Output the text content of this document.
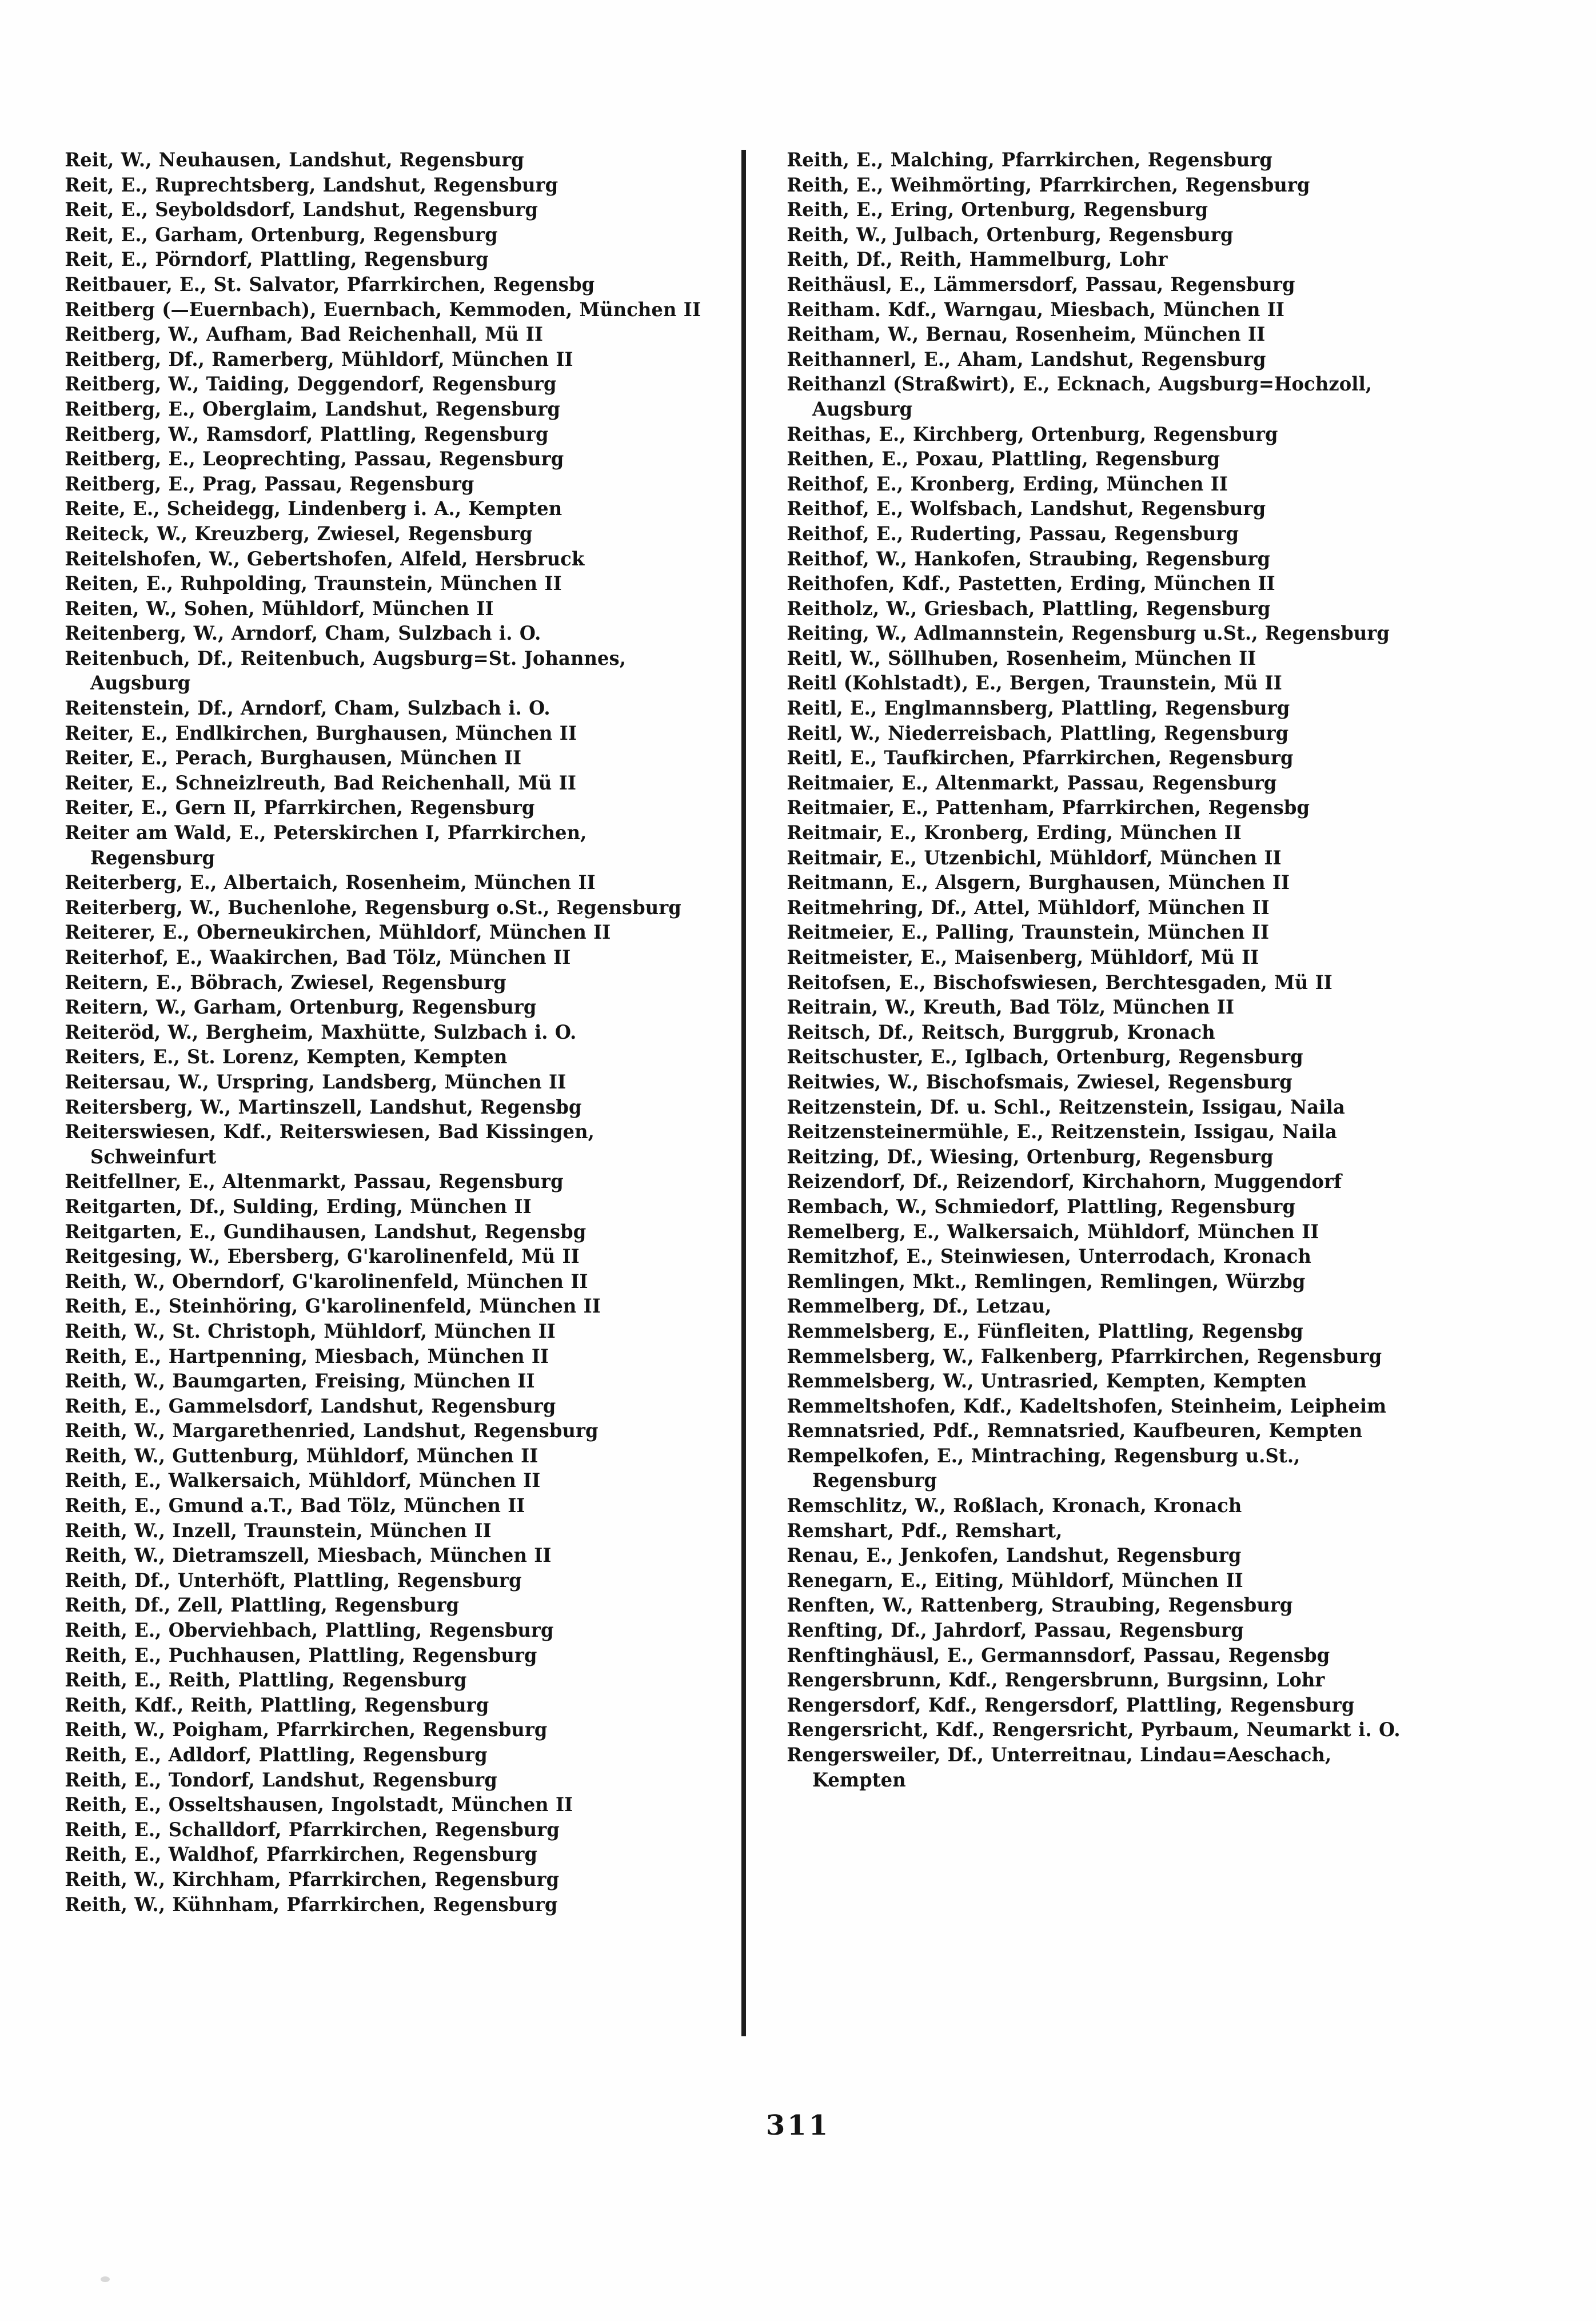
Reit, W., Neuhausen, Landshut, Regensburg
Reit, E., Ruprechtsberg, Landshut, Regensburg
Reit, E., Seyboldsdorf, Landshut, Regensburg
Reit, E., Garham, Ortenburg, Regensburg
Reit, E., Pörndorf, Plattling, Regensburg
Reitbauer, E., St. Salvator, Pfarrkirchen, Regensbg
Reitberg (—Euernbach), Euernbach, Kemmoden, München II
Reitberg, W., Aufham, Bad Reichenhall, Mü II
Reitberg, Df., Ramerberg, Mühldorf, München II
Reitberg, W., Taiding, Deggendorf, Regensburg
Reitberg, E., Oberglaim, Landshut, Regensburg
Reitberg, W., Ramsdorf, Plattling, Regensburg
Reitberg, E., Leoprechting, Passau, Regensburg
Reitberg, E., Prag, Passau, Regensburg
Reite, E., Scheidegg, Lindenberg i. A., Kempten
Reiteck, W., Kreuzberg, Zwiesel, Regensburg
Reitelshofen, W., Gebertshofen, Alfeld, Hersbruck
Reiten, E., Ruhpolding, Traunstein, München II
Reiten, W., Sohen, Mühldorf, München II
Reitenberg, W., Arndorf, Cham, Sulzbach i. O.
Reitenbuch, Df., Reitenbuch, Augsburg=St. Johannes, Augsburg
Reitenstein, Df., Arndorf, Cham, Sulzbach i. O.
Reiter, E., Endlkirchen, Burghausen, München II
Reiter, E., Perach, Burghausen, München II
Reiter, E., Schneizlreuth, Bad Reichenhall, Mü II
Reiter, E., Gern II, Pfarrkirchen, Regensburg
Reiter am Wald, E., Peterskirchen I, Pfarrkirchen, Regensburg
Reiterberg, E., Albertaich, Rosenheim, München II
Reiterberg, W., Buchenlohe, Regensburg o.St., Regensburg
Reiterer, E., Oberneukirchen, Mühldorf, München II
Reiterhof, E., Waakirchen, Bad Tölz, München II
Reitern, E., Böbrach, Zwiesel, Regensburg
Reitern, W., Garham, Ortenburg, Regensburg
Reiteröd, W., Bergheim, Maxhütte, Sulzbach i. O.
Reiters, E., St. Lorenz, Kempten, Kempten
Reitersau, W., Urspring, Landsberg, München II
Reitersberg, W., Martinszell, Landshut, Regensbg
Reiterswiesen, Kdf., Reiterswiesen, Bad Kissingen, Schweinfurt
Reitfellner, E., Altenmarkt, Passau, Regensburg
Reitgarten, Df., Sulding, Erding, München II
Reitgarten, E., Gundihausen, Landshut, Regensbg
Reitgesing, W., Ebersberg, G'karolinenfeld, Mü II
Reith, W., Oberndorf, G'karolinenfeld, München II
Reith, E., Steinhöring, G'karolinenfeld, München II
Reith, W., St. Christoph, Mühldorf, München II
Reith, E., Hartpenning, Miesbach, München II
Reith, W., Baumgarten, Freising, München II
Reith, E., Gammelsdorf, Landshut, Regensburg
Reith, W., Margarethenried, Landshut, Regensburg
Reith, W., Guttenburg, Mühldorf, München II
Reith, E., Walkersaich, Mühldorf, München II
Reith, E., Gmund a.T., Bad Tölz, München II
Reith, W., Inzell, Traunstein, München II
Reith, W., Dietramszell, Miesbach, München II
Reith, Df., Unterhöft, Plattling, Regensburg
Reith, Df., Zell, Plattling, Regensburg
Reith, E., Oberviehbach, Plattling, Regensburg
Reith, E., Puchhausen, Plattling, Regensburg
Reith, E., Reith, Plattling, Regensburg
Reith, Kdf., Reith, Plattling, Regensburg
Reith, W., Poigham, Pfarrkirchen, Regensburg
Reith, E., Adldorf, Plattling, Regensburg
Reith, E., Tondorf, Landshut, Regensburg
Reith, E., Osseltshausen, Ingolstadt, München II
Reith, E., Schalldorf, Pfarrkirchen, Regensburg
Reith, E., Waldhof, Pfarrkirchen, Regensburg
Reith, W., Kirchham, Pfarrkirchen, Regensburg
Reith, W., Kühnham, Pfarrkirchen, Regensburg
Reith, E., Malching, Pfarrkirchen, Regensburg
Reith, E., Weihmörting, Pfarrkirchen, Regensburg
Reith, E., Ering, Ortenburg, Regensburg
Reith, W., Julbach, Ortenburg, Regensburg
Reith, Df., Reith, Hammelburg, Lohr
Reithäusl, E., Lämmersdorf, Passau, Regensburg
Reitham. Kdf., Warngau, Miesbach, München II
Reitham, W., Bernau, Rosenheim, München II
Reithannerl, E., Aham, Landshut, Regensburg
Reithanzl (Straßwirt), E., Ecknach, Augsburg=Hochzoll, Augsburg
Reithas, E., Kirchberg, Ortenburg, Regensburg
Reithen, E., Poxau, Plattling, Regensburg
Reithof, E., Kronberg, Erding, München II
Reithof, E., Wolfsbach, Landshut, Regensburg
Reithof, E., Ruderting, Passau, Regensburg
Reithof, W., Hankofen, Straubing, Regensburg
Reithofen, Kdf., Pastetten, Erding, München II
Reitholz, W., Griesbach, Plattling, Regensburg
Reiting, W., Adlmannstein, Regensburg u.St., Regensburg
Reitl, W., Söllhuben, Rosenheim, München II
Reitl (Kohlstadt), E., Bergen, Traunstein, Mü II
Reitl, E., Englmannsberg, Plattling, Regensburg
Reitl, W., Niederreisbach, Plattling, Regensburg
Reitl, E., Taufkirchen, Pfarrkirchen, Regensburg
Reitmaier, E., Altenmarkt, Passau, Regensburg
Reitmaier, E., Pattenham, Pfarrkirchen, Regensbg
Reitmair, E., Kronberg, Erding, München II
Reitmair, E., Utzenbichl, Mühldorf, München II
Reitmann, E., Alsgern, Burghausen, München II
Reitmehring, Df., Attel, Mühldorf, München II
Reitmeier, E., Palling, Traunstein, München II
Reitmeister, E., Maisenberg, Mühldorf, Mü II
Reitofsen, E., Bischofswiesen, Berchtesgaden, Mü II
Reitrain, W., Kreuth, Bad Tölz, München II
Reitsch, Df., Reitsch, Burggrub, Kronach
Reitschuster, E., Iglbach, Ortenburg, Regensburg
Reitwies, W., Bischofsmais, Zwiesel, Regensburg
Reitzenstein, Df. u. Schl., Reitzenstein, Issigau, Naila
Reitzensteinermühle, E., Reitzenstein, Issigau, Naila
Reitzing, Df., Wiesing, Ortenburg, Regensburg
Reizendorf, Df., Reizendorf, Kirchahorn, Muggendorf
Rembach, W., Schmiedorf, Plattling, Regensburg
Remelberg, E., Walkersaich, Mühldorf, München II
Remitzhof, E., Steinwiesen, Unterrodach, Kronach
Remlingen, Mkt., Remlingen, Remlingen, Würzbg
Remmelberg, Df., Letzau,
Remmelsberg, E., Fünfleiten, Plattling, Regensbg
Remmelsberg, W., Falkenberg, Pfarrkirchen, Regensburg
Remmelsberg, W., Untrasried, Kempten, Kempten
Remmeltshofen, Kdf., Kadeltshofen, Steinheim, Leipheim
Remnatsried, Pdf., Remnatsried, Kaufbeuren, Kempten
Rempelkofen, E., Mintraching, Regensburg u.St., Regensburg
Remschlitz, W., Roßlach, Kronach, Kronach
Remshart, Pdf., Remshart,
Renau, E., Jenkofen, Landshut, Regensburg
Renegarn, E., Eiting, Mühldorf, München II
Renften, W., Rattenberg, Straubing, Regensburg
Renfting, Df., Jahrdorf, Passau, Regensburg
Renftinghäusl, E., Germannsdorf, Passau, Regensbg
Rengersbrunn, Kdf., Rengersbrunn, Burgsinn, Lohr
Rengersdorf, Kdf., Rengersdorf, Plattling, Regensburg
Rengersricht, Kdf., Rengersricht, Pyrbaum, Neumarkt i. O.
Rengersweiler, Df., Unterreitnau, Lindau=Aeschach, Kempten
311
